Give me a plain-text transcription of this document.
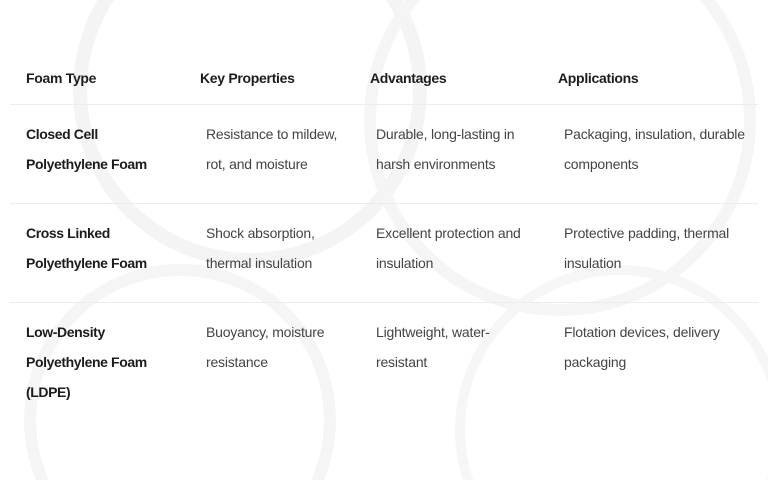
Foam Type	Key Properties	Advantages	Applications
Closed Cell Polyethylene Foam	Resistance to mildew, rot, and moisture	Durable, long-lasting in harsh environments	Packaging, insulation, durable components
Cross Linked Polyethylene Foam	Shock absorption, thermal insulation	Excellent protection and insulation	Protective padding, thermal insulation
Low-Density Polyethylene Foam (LDPE)	Buoyancy, moisture resistance	Lightweight, water-resistant	Flotation devices, delivery packaging
